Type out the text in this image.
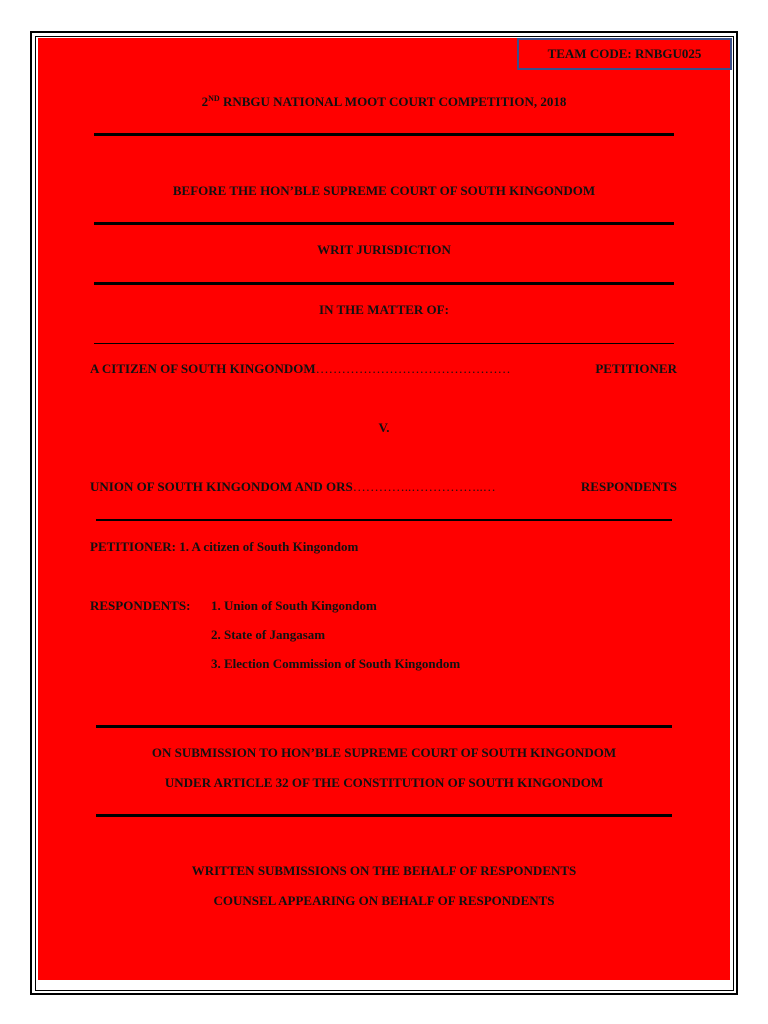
TEAM CODE: RNBGU025
2ND RNBGU NATIONAL MOOT COURT COMPETITION, 2018
BEFORE THE HON’BLE SUPREME COURT OF SOUTH KINGONDOM
WRIT JURISDICTION
IN THE MATTER OF:
A CITIZEN OF SOUTH KINGONDOM ………………………………………	PETITIONER
V.
UNION OF SOUTH KINGONDOM AND ORS …………..……………..…	RESPONDENTS
PETITIONER: 1. A citizen of South Kingondom
RESPONDENTS: 1. Union of South Kingondom
2. State of Jangasam
3. Election Commission of South Kingondom
ON SUBMISSION TO HON’BLE SUPREME COURT OF SOUTH KINGONDOM
UNDER ARTICLE 32 OF THE CONSTITUTION OF SOUTH KINGONDOM
WRITTEN SUBMISSIONS ON THE BEHALF OF RESPONDENTS
COUNSEL APPEARING ON BEHALF OF RESPONDENTS
